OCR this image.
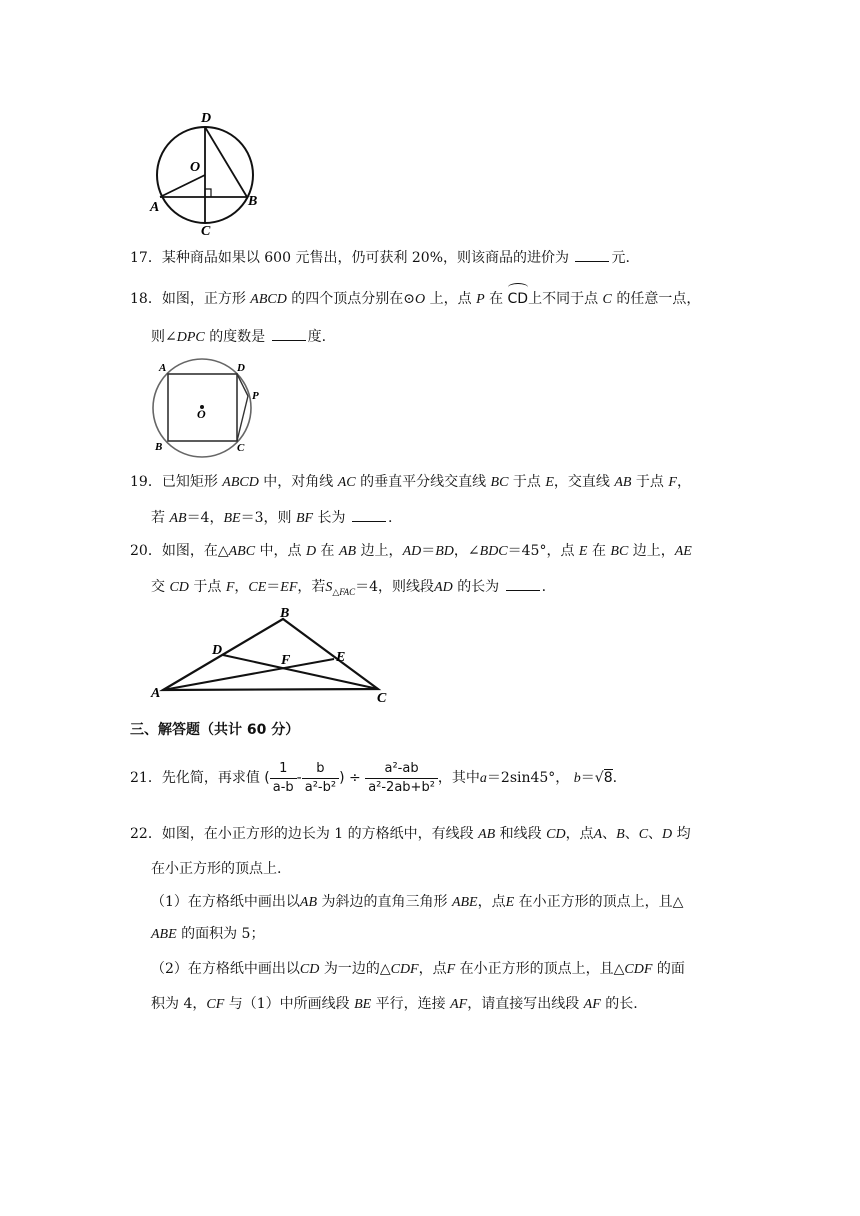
D
O
A	B
C
17．某种商品如果以 600 元售出，仍可获利 20%，则该商品的进价为	元.
18．如图，正方形 ABCD 的四个顶点分别在⊙O 上，点 P 在 CD上不同于点 C 的任意一点，
则∠DPC 的度数是	度.
A	D
P
O
B	C
19．已知矩形 ABCD 中，对角线 AC 的垂直平分线交直线 BC 于点 E，交直线 AB 于点 F，
若 AB＝4，BE＝3，则 BF 长为	.
20．如图，在△ABC 中，点 D 在 AB 边上，AD＝BD，∠BDC＝45°，点 E 在 BC 边上，AE
交 CD 于点 F，CE＝EF，若$S_{\triangle FAC}=4$，则线段AD 的长为	.
B
D
F	E
A	C
三、解答题（共计 60 分）
21．先化简，再求值 ( $\frac{1}{a-b} - \frac{b}{\text{a²-b²}}$ ) ÷ $\frac{\text{a²-ab}}{\text{a²-2ab+b²}}$ ，其中a＝2sin45°， b＝√8.
22．如图，在小正方形的边长为 1 的方格纸中，有线段 AB 和线段 CD，点A、B、C、D 均
在小正方形的顶点上.
（1）在方格纸中画出以AB 为斜边的直角三角形 ABE，点E 在小正方形的顶点上，且△
ABE 的面积为 5；
（2）在方格纸中画出以CD 为一边的△CDF，点F 在小正方形的顶点上，且△CDF 的面
积为 4，CF 与（1）中所画线段 BE 平行，连接 AF，请直接写出线段 AF 的长.
